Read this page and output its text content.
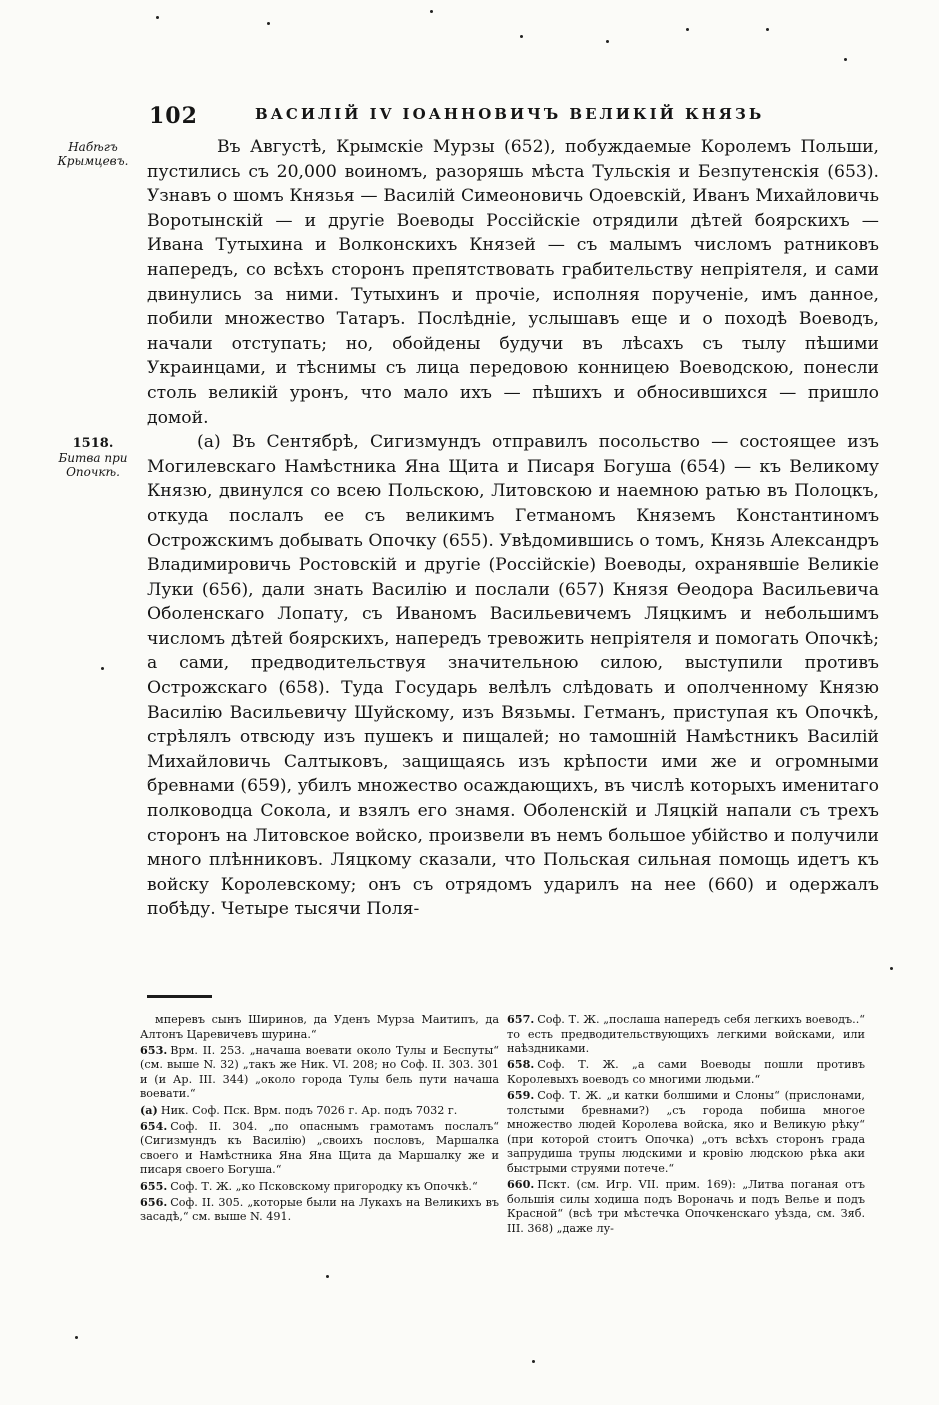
102	ВАСИЛІЙ IV ІОАННОВИЧЪ ВЕЛИКІЙ КНЯЗЬ
Набѣгъ Крымцевъ.
1518.
Битва при Опочкѣ.

Въ Августѣ, Крымскіе Мурзы (652), побуждаемые Королемъ Польши, пустились съ 20,000 воиномъ, разоряшь мѣста Тульскія и Безпутенскія (653). Узнавъ о шомъ Князья — Василій Симеоновичь Одоевскій, Иванъ Михайловичь Воротынскій — и другіе Воеводы Россійскіе отрядили дѣтей боярскихъ — Ивана Тутыхина и Волконскихъ Князей — съ малымъ числомъ ратниковъ напередъ, со всѣхъ сторонъ препятствовать грабительству непріятеля, и сами двинулись за ними. Тутыхинъ и прочіе, исполняя порученіе, имъ данное, побили множество Татаръ. Послѣдніе, услышавъ еще и о походѣ Воеводъ, начали отступать; но, обойдены будучи въ лѣсахъ съ тылу пѣшими Украинцами, и тѣснимы съ лица передовою конницею Воеводскою, понесли столь великій уронъ, что мало ихъ — пѣшихъ и обносившихся — пришло домой.

(а) Въ Сентябрѣ, Сигизмундъ отправилъ посольство — состоящее изъ Могилевскаго Намѣстника Яна Щита и Писаря Богуша (654) — къ Великому Князю, двинулся со всею Польскою, Литовскою и наемною ратью въ Полоцкъ, откуда послалъ ее съ великимъ Гетманомъ Княземъ Константиномъ Острожскимъ добывать Опочку (655). Увѣдомившись о томъ, Князь Александръ Владимировичь Ростовскій и другіе (Россійскіе) Воеводы, охранявшіе Великіе Луки (656), дали знать Василію и послали (657) Князя Ѳеодора Васильевича Оболенскаго Лопату, съ Иваномъ Васильевичемъ Ляцкимъ и небольшимъ числомъ дѣтей боярскихъ, напередъ тревожить непріятеля и помогать Опочкѣ; а сами, предводительствуя значительною силою, выступили противъ Острожскаго (658). Туда Государь велѣлъ слѣдовать и ополченному Князю Василію Васильевичу Шуйскому, изъ Вязьмы. Гетманъ, приступая къ Опочкѣ, стрѣлялъ отвсюду изъ пушекъ и пищалей; но тамошній Намѣстникъ Василій Михайловичь Салтыковъ, защищаясь изъ крѣпости ими же и огромными бревнами (659), убилъ множество осаждающихъ, въ числѣ которыхъ именитаго полководца Сокола, и взялъ его знамя. Оболенскій и Ляцкій напали съ трехъ сторонъ на Литовское войско, произвели въ немъ большое убійство и получили много плѣнниковъ. Ляцкому сказали, что Польская сильная помощь идетъ къ войску Королевскому; онъ съ отрядомъ ударилъ на нее (660) и одержалъ побѣду. Четыре тысячи Поля-

мперевъ сынъ Ширинов, да Уденъ Мурза Маитипъ, да Алтонъ Царевичевъ шурина.“
653. Врм. II. 253. „начаша воевати около Тулы и Беспуты“ (см. выше N. 32) „такъ же Ник. VI. 208; но Соф. II. 303. 301 и (и Ар. III. 344) „около города Тулы бель пути начаша воевати.“
(а) Ник. Соф. Пск. Врм. подъ 7026 г. Ар. подъ 7032 г.
654. Соф. II. 304. „по опаснымъ грамотамъ послалъ“ (Сигизмундъ къ Василію) „своихъ пословъ, Маршалка своего и Намѣстника Яна Яна Щита да Маршалку же и писаря своего Богуша.“
655. Соф. Т. Ж. „ко Псковскому пригородку къ Опочкѣ.“
656. Соф. II. 305. „которые были на Лукахъ на Великихъ въ засадѣ,“ см. выше N. 491.
657. Соф. Т. Ж. „послаша напередъ себя легкихъ воеводъ..“ то есть предводительствующихъ легкими войсками, или наѣздниками.
658. Соф. Т. Ж. „а сами Воеводы пошли противъ Королевыхъ воеводъ со многими людьми.“
659. Соф. Т. Ж. „и катки болшими и Слоны“ (прислонами, толстыми бревнами?) „съ города побиша многое множество людей Королева войска, яко и Великую рѣку“ (при которой стоитъ Опочка) „отъ всѣхъ сторонъ града запрудиша трупы людскими и кровію людскою рѣка аки быстрыми струями потече.“
660. Пскт. (см. Игр. VII. прим. 169): „Литва поганая отъ большія силы ходиша подъ Вороначь и подъ Велье и подъ Красной“ (всѣ три мѣстечка Опочкенскаго уѣзда, см. Зяб. III. 368) „даже лу-
